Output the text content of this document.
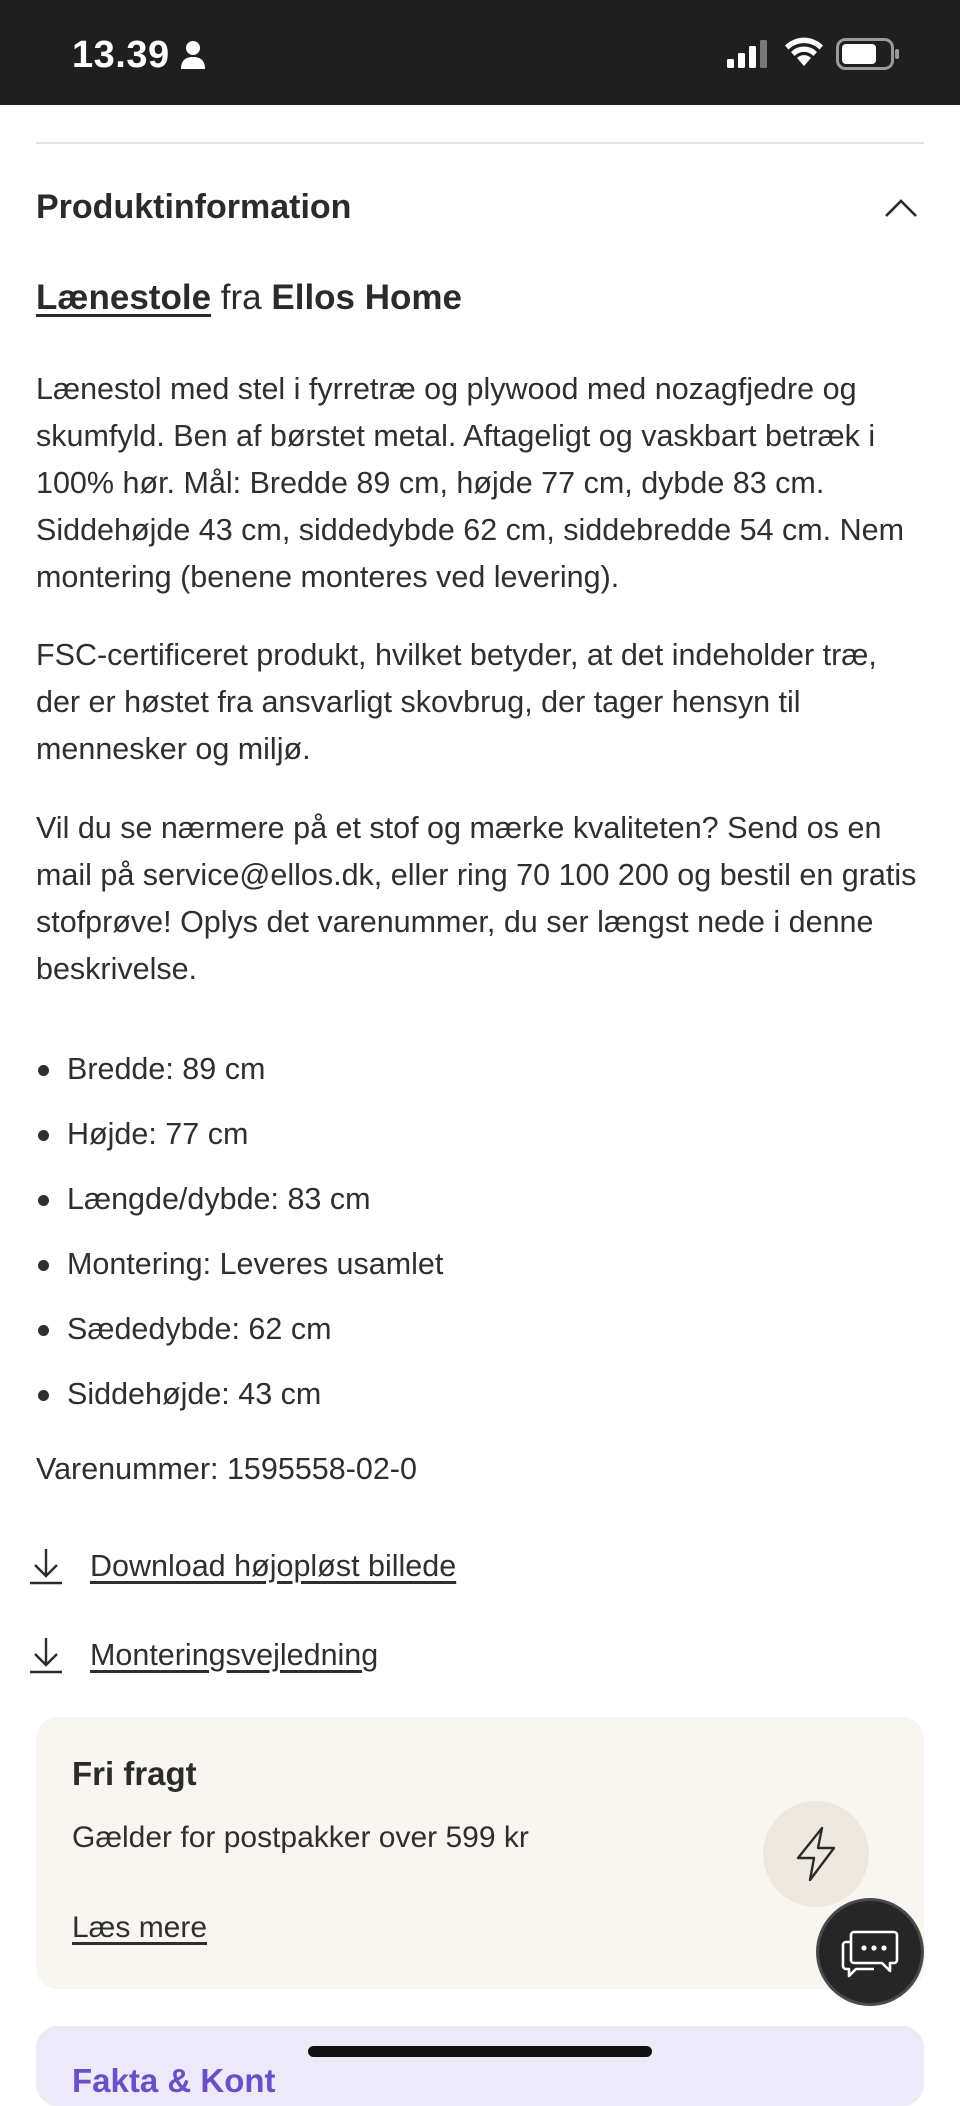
13.39
Produktinformation
Lænestole fra Ellos Home

Lænestol med stel i fyrretræ og plywood med nozagfjedre og skumfyld. Ben af børstet metal. Aftageligt og vaskbart betræk i 100% hør. Mål: Bredde 89 cm, højde 77 cm, dybde 83 cm. Siddehøjde 43 cm, siddedybde 62 cm, siddebredde 54 cm. Nem montering (benene monteres ved levering).

FSC-certificeret produkt, hvilket betyder, at det indeholder træ, der er høstet fra ansvarligt skovbrug, der tager hensyn til mennesker og miljø.

Vil du se nærmere på et stof og mærke kvaliteten? Send os en mail på service@ellos.dk, eller ring 70 100 200 og bestil en gratis stofprøve! Oplys det varenummer, du ser længst nede i denne beskrivelse.

Bredde: 89 cm
Højde: 77 cm
Længde/dybde: 83 cm
Montering: Leveres usamlet
Sædedybde: 62 cm
Siddehøjde: 43 cm
Varenummer: 1595558-02-0
Download højopløst billede
Monteringsvejledning
Fri fragt
Gælder for postpakker over 599 kr
Læs mere
Fakta & Kont
